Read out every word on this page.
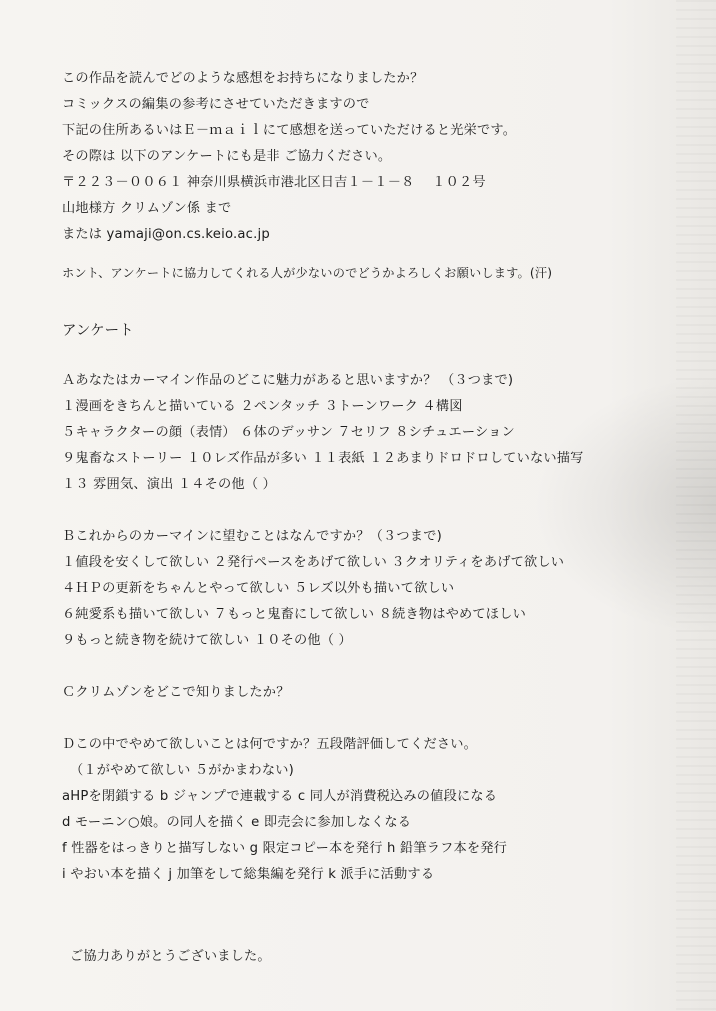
この作品を読んでどのような感想をお持ちになりましたか？
コミックスの編集の参考にさせていただきますので
下記の住所あるいはＥ－ｍａｉｌにて感想を送っていただけると光栄です。
その際は 以下のアンケートにも是非 ご協力ください。
〒２２３－００６１ 神奈川県横浜市港北区日吉１－１－８ 　１０２号
山地様方 クリムゾン係 まで
または yamaji@on.cs.keio.ac.jp
ホント、アンケートに協力してくれる人が少ないのでどうかよろしくお願いします。(汗)
アンケート
Ａあなたはカーマイン作品のどこに魅力があると思いますか？ （３つまで)
１漫画をきちんと描いている ２ペンタッチ ３トーンワーク ４構図
５キャラクターの顔（表情） ６体のデッサン ７セリフ ８シチュエーション
９鬼畜なストーリー １０レズ作品が多い １１表紙 １２あまりドロドロしていない描写
１３ 雰囲気、演出 １４その他（ ）
Ｂこれからのカーマインに望むことはなんですか？（３つまで)
１値段を安くして欲しい ２発行ペースをあげて欲しい ３クオリティをあげて欲しい
４ＨＰの更新をちゃんとやって欲しい ５レズ以外も描いて欲しい
６純愛系も描いて欲しい ７もっと鬼畜にして欲しい ８続き物はやめてほしい
９もっと続き物を続けて欲しい １０その他（ ）
Ｃクリムゾンをどこで知りましたか？
Ｄこの中でやめて欲しいことは何ですか？五段階評価してください。
（１がやめて欲しい ５がかまわない)
aHPを閉鎖する b ジャンプで連載する c 同人が消費税込みの値段になる
d モーニン○娘。の同人を描く e 即売会に参加しなくなる
f 性器をはっきりと描写しない g 限定コピー本を発行 h 鉛筆ラフ本を発行
i やおい本を描く j 加筆をして総集編を発行 k 派手に活動する
ご協力ありがとうございました。
